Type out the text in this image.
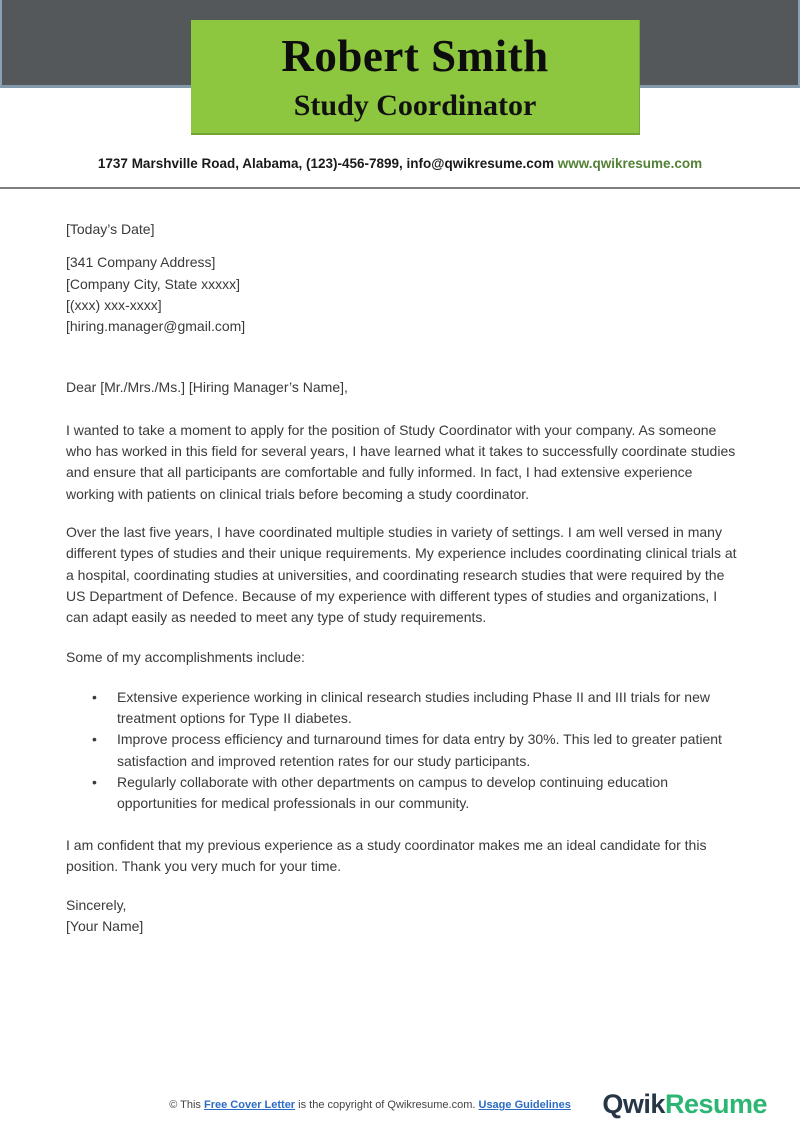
Robert Smith
Study Coordinator
1737 Marshville Road, Alabama, (123)-456-7899, info@qwikresume.com www.qwikresume.com

[Today’s Date]

[341 Company Address]

[Company City, State xxxxx]

[(xxx) xxx-xxxx]

[hiring.manager@gmail.com]

Dear [Mr./Mrs./Ms.] [Hiring Manager’s Name],

I wanted to take a moment to apply for the position of Study Coordinator with your company. As someone who has worked in this field for several years, I have learned what it takes to successfully coordinate studies and ensure that all participants are comfortable and fully informed. In fact, I had extensive experience working with patients on clinical trials before becoming a study coordinator.

Over the last five years, I have coordinated multiple studies in variety of settings. I am well versed in many different types of studies and their unique requirements. My experience includes coordinating clinical trials at a hospital, coordinating studies at universities, and coordinating research studies that were required by the US Department of Defence. Because of my experience with different types of studies and organizations, I can adapt easily as needed to meet any type of study requirements.

Some of my accomplishments include:

• Extensive experience working in clinical research studies including Phase II and III trials for new treatment options for Type II diabetes.
• Improve process efficiency and turnaround times for data entry by 30%. This led to greater patient satisfaction and improved retention rates for our study participants.
• Regularly collaborate with other departments on campus to develop continuing education opportunities for medical professionals in our community.

I am confident that my previous experience as a study coordinator makes me an ideal candidate for this position. Thank you very much for your time.

Sincerely,

[Your Name]

© This Free Cover Letter is the copyright of Qwikresume.com. Usage Guidelines	QwikResume
